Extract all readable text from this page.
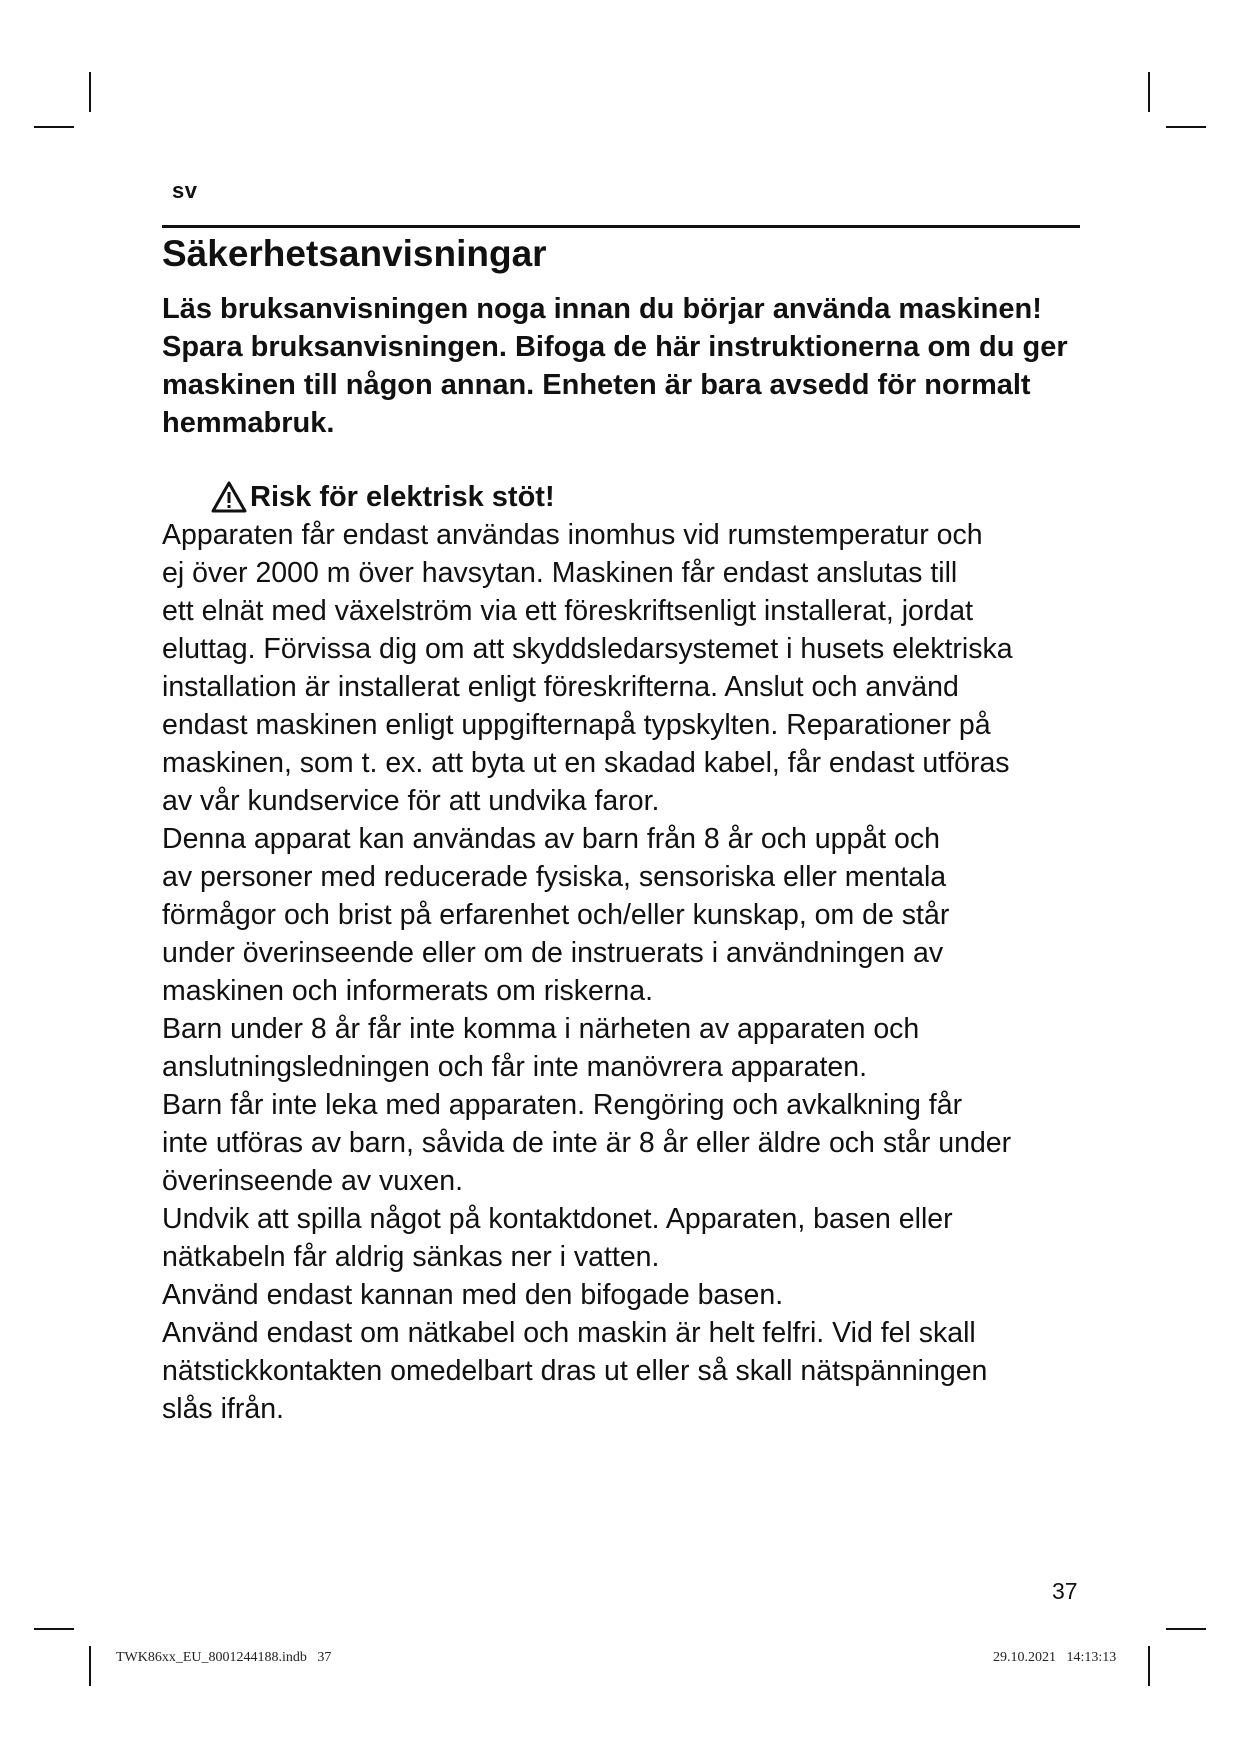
sv
Säkerhetsanvisningar

Läs bruksanvisningen noga innan du börjar använda maskinen! Spara bruksanvisningen. Bifoga de här instruktionerna om du ger maskinen till någon annan. Enheten är bara avsedd för normalt hemmabruk.

Risk för elektrisk stöt!

Apparaten får endast användas inomhus vid rumstemperatur och
ej över 2000 m över havsytan. Maskinen får endast anslutas till
ett elnät med växelström via ett föreskriftsenligt installerat, jordat
eluttag. Förvissa dig om att skyddsledarsystemet i husets elektriska
installation är installerat enligt föreskrifterna. Anslut och använd
endast maskinen enligt uppgifternapå typskylten. Reparationer på
maskinen, som t. ex. att byta ut en skadad kabel, får endast utföras
av vår kundservice för att undvika faror.

Denna apparat kan användas av barn från 8 år och uppåt och
av personer med reducerade fysiska, sensoriska eller mentala
förmågor och brist på erfarenhet och/eller kunskap, om de står
under överinseende eller om de instruerats i användningen av
maskinen och informerats om riskerna.

Barn under 8 år får inte komma i närheten av apparaten och
anslutningsledningen och får inte manövrera apparaten.

Barn får inte leka med apparaten. Rengöring och avkalkning får
inte utföras av barn, såvida de inte är 8 år eller äldre och står under
överinseende av vuxen.

Undvik att spilla något på kontaktdonet. Apparaten, basen eller
nätkabeln får aldrig sänkas ner i vatten.

Använd endast kannan med den bifogade basen.

Använd endast om nätkabel och maskin är helt felfri. Vid fel skall
nätstickkontakten omedelbart dras ut eller så skall nätspänningen
slås ifrån.

37
TWK86xx_EU_8001244188.indb   37	29.10.2021   14:13:13
